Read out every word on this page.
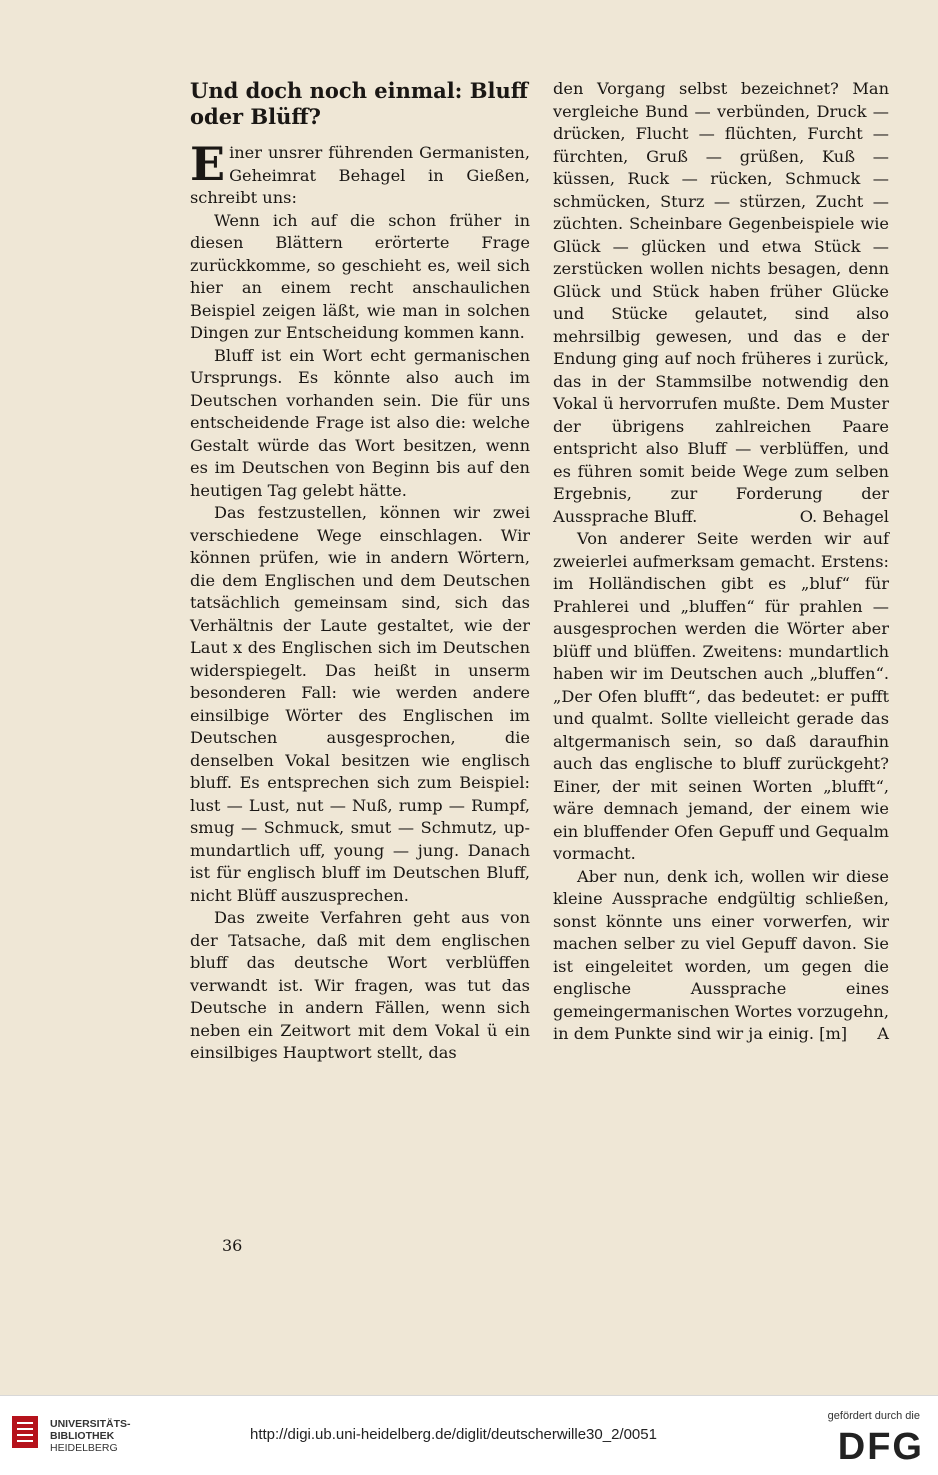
Und doch noch einmal: Bluff oder Blüff?

Einer unsrer führenden Germanisten, Geheimrat Behagel in Gießen, schreibt uns:

Wenn ich auf die schon früher in diesen Blättern erörterte Frage zurückkomme, so geschieht es, weil sich hier an einem recht anschaulichen Beispiel zeigen läßt, wie man in solchen Dingen zur Entscheidung kommen kann.

Bluff ist ein Wort echt germanischen Ursprungs. Es könnte also auch im Deutschen vorhanden sein. Die für uns entscheidende Frage ist also die: welche Gestalt würde das Wort besitzen, wenn es im Deutschen von Beginn bis auf den heutigen Tag gelebt hätte.

Das festzustellen, können wir zwei verschiedene Wege einschlagen. Wir können prüfen, wie in andern Wörtern, die dem Englischen und dem Deutschen tatsächlich gemeinsam sind, sich das Verhältnis der Laute gestaltet, wie der Laut x des Englischen sich im Deutschen widerspiegelt. Das heißt in unserm besonderen Fall: wie werden andere einsilbige Wörter des Englischen im Deutschen ausgesprochen, die denselben Vokal besitzen wie englisch bluff. Es entsprechen sich zum Beispiel: lust — Lust, nut — Nuß, rump — Rumpf, smug — Schmuck, smut — Schmutz, up-mundartlich uff, young — jung. Danach ist für englisch bluff im Deutschen Bluff, nicht Blüff auszusprechen.

Das zweite Verfahren geht aus von der Tatsache, daß mit dem englischen bluff das deutsche Wort verblüffen verwandt ist. Wir fragen, was tut das Deutsche in andern Fällen, wenn sich neben ein Zeitwort mit dem Vokal ü ein einsilbiges Hauptwort stellt, das

den Vorgang selbst bezeichnet? Man vergleiche Bund — verbünden, Druck — drücken, Flucht — flüchten, Furcht — fürchten, Gruß — grüßen, Kuß — küssen, Ruck — rücken, Schmuck — schmücken, Sturz — stürzen, Zucht — züchten. Scheinbare Gegenbeispiele wie Glück — glücken und etwa Stück — zerstücken wollen nichts besagen, denn Glück und Stück haben früher Glücke und Stücke gelautet, sind also mehrsilbig gewesen, und das e der Endung ging auf noch früheres i zurück, das in der Stammsilbe notwendig den Vokal ü hervorrufen mußte. Dem Muster der übrigens zahlreichen Paare entspricht also Bluff — verblüffen, und es führen somit beide Wege zum selben Ergebnis, zur Forderung der Aussprache Bluff.	O. Behagel

Von anderer Seite werden wir auf zweierlei aufmerksam gemacht. Erstens: im Holländischen gibt es „bluf“ für Prahlerei und „bluffen“ für prahlen — ausgesprochen werden die Wörter aber blüff und blüffen. Zweitens: mundartlich haben wir im Deutschen auch „bluffen“. „Der Ofen blufft“, das bedeutet: er pufft und qualmt. Sollte vielleicht gerade das altgermanisch sein, so daß daraufhin auch das englische to bluff zurückgeht? Einer, der mit seinen Worten „blufft“, wäre demnach jemand, der einem wie ein bluffender Ofen Gepuff und Gequalm vormacht.

Aber nun, denk ich, wollen wir diese kleine Aussprache endgültig schließen, sonst könnte uns einer vorwerfen, wir machen selber zu viel Gepuff davon. Sie ist eingeleitet worden, um gegen die englische Aussprache eines gemeingermanischen Wortes vorzugehn, in dem Punkte sind wir ja einig. [m]	A

36
UNIVERSITÄTS-
BIBLIOTHEK
HEIDELBERG
http://digi.ub.uni-heidelberg.de/diglit/deutscherwille30_2/0051
gefördert durch die
DFG
